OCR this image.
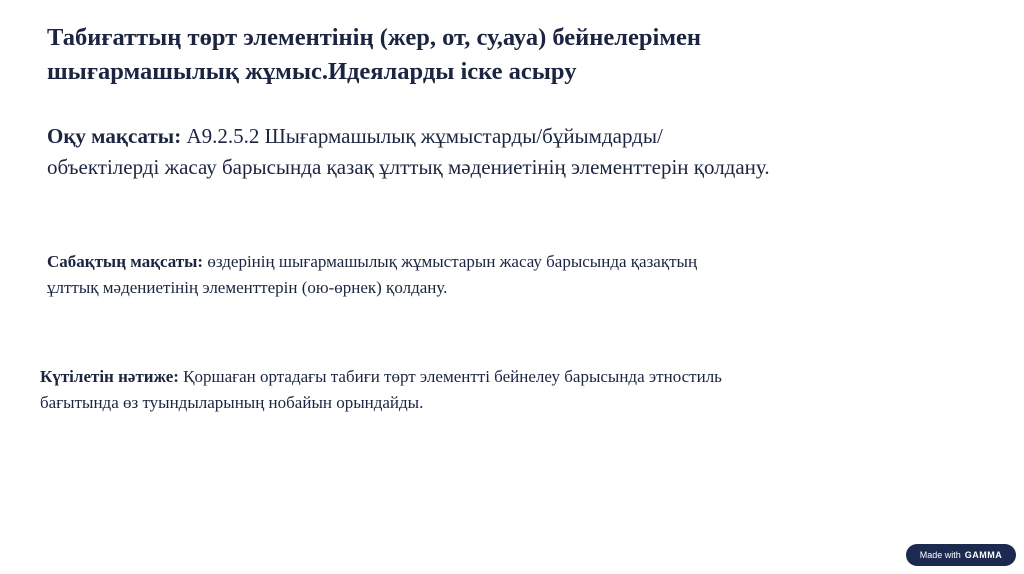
Табиғаттың төрт элементінің (жер, от, су,ауа) бейнелерімен
шығармашылық жұмыс.Идеяларды іске асыру
Оқу мақсаты: А9.2.5.2 Шығармашылық жұмыстарды/бұйымдарды/
объектілерді жасау барысында қазақ ұлттық мәдениетінің элементтерін қолдану.
Сабақтың мақсаты: өздерінің шығармашылық жұмыстарын жасау барысында қазақтың
ұлттық мәдениетінің элементтерін (ою-өрнек) қолдану.
Күтілетін нәтиже: Қоршаған ортадағы табиғи төрт элементті бейнелеу барысында этностиль
бағытында өз туындыларының нобайын орындайды.
Made with GAMMA
